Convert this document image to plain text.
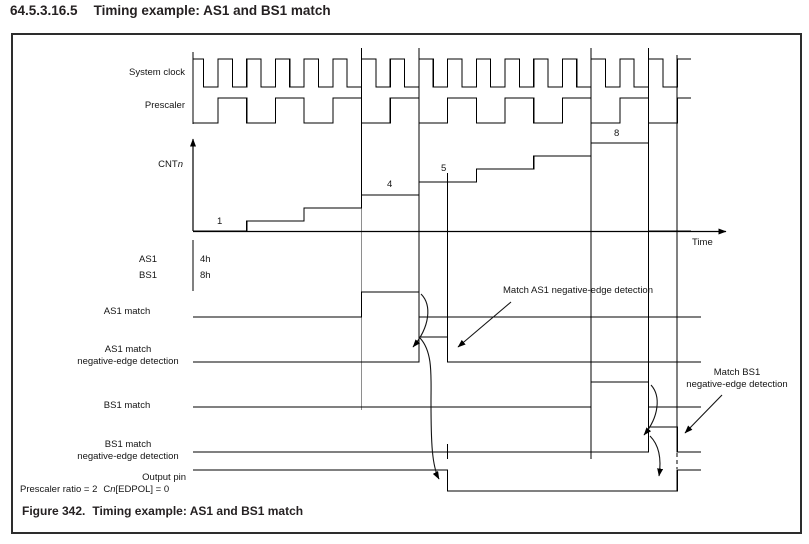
64.5.3.16.5 Timing example: AS1 and BS1 match
System clock
Prescaler
CNTn
AS1	4h
BS1	8h
AS1 match
AS1 match
negative-edge detection
BS1 match
BS1 match
negative-edge detection
Output pin
1
4
5
8
Match AS1 negative-edge detection
Match BS1
negative-edge detection
Time
Prescaler ratio = 2 Cn[EDPOL] = 0
Figure 342. Timing example: AS1 and BS1 match
